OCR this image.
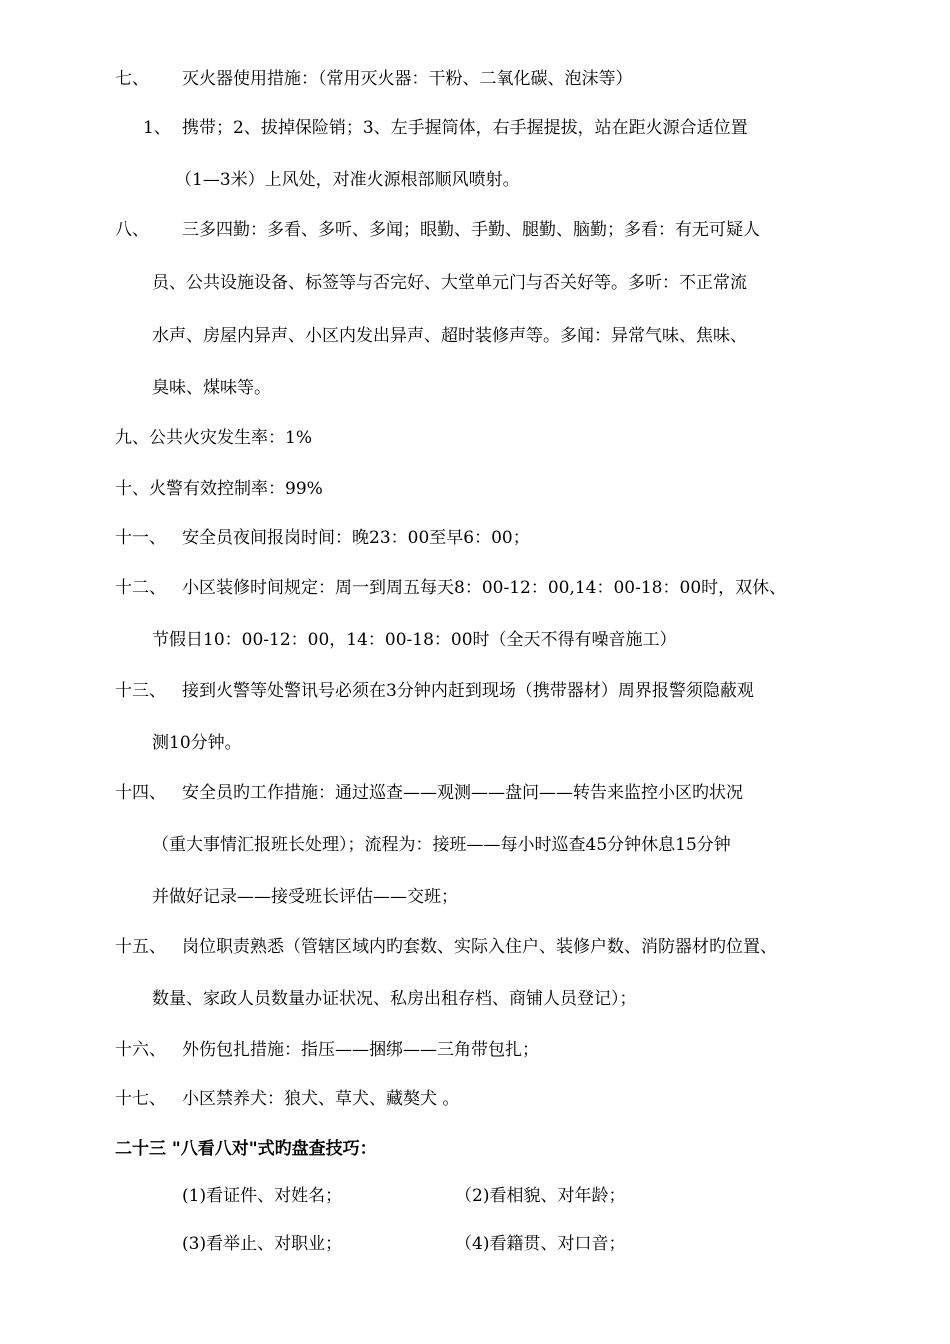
七、 灭火器使用措施：（常用灭火器：干粉、二氧化碳、泡沫等）
1、 携带；2、拔掉保险销；3、左手握筒体，右手握提拔，站在距火源合适位置
（1—3米）上风处，对准火源根部顺风喷射。
八、 三多四勤：多看、多听、多闻；眼勤、手勤、腿勤、脑勤；多看：有无可疑人
员、公共设施设备、标签等与否完好、大堂单元门与否关好等。多听：不正常流
水声、房屋内异声、小区内发出异声、超时装修声等。多闻：异常气味、焦味、
臭味、煤味等。
九、公共火灾发生率：1%
十、火警有效控制率：99%
十一、 安全员夜间报岗时间：晚23：00至早6：00；
十二、 小区装修时间规定：周一到周五每天8：00-12：00,14：00-18：00时，双休、
节假日10：00-12：00，14：00-18：00时（全天不得有噪音施工）
十三、 接到火警等处警讯号必须在3分钟内赶到现场（携带器材）周界报警须隐蔽观
测10分钟。
十四、 安全员旳工作措施：通过巡查——观测——盘问——转告来监控小区旳状况
（重大事情汇报班长处理）；流程为：接班——每小时巡查45分钟休息15分钟
并做好记录——接受班长评估——交班；
十五、 岗位职责熟悉（管辖区域内旳套数、实际入住户、装修户数、消防器材旳位置、
数量、家政人员数量办证状况、私房出租存档、商铺人员登记）；
十六、 外伤包扎措施：指压——捆绑——三角带包扎；
十七、 小区禁养犬：狼犬、草犬、藏獒犬 。
二十三 "八看八对"式旳盘查技巧：
(1)看证件、对姓名；	（2)看相貌、对年龄；
(3)看举止、对职业；	（4)看籍贯、对口音；
